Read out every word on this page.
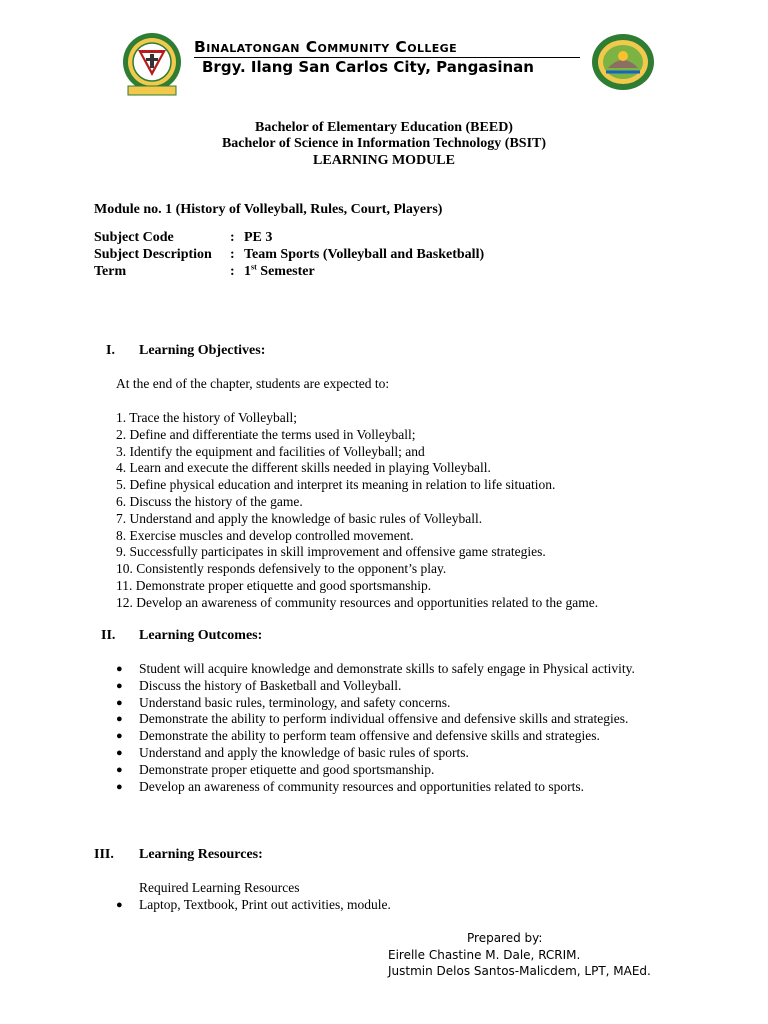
Binalatongan Community College
Brgy. Ilang San Carlos City, Pangasinan
Bachelor of Elementary Education (BEED)
Bachelor of Science in Information Technology (BSIT)
LEARNING MODULE
Module no. 1 (History of Volleyball, Rules, Court, Players)
Subject Code	: PE 3
Subject Description : Team Sports (Volleyball and Basketball)
Term	: 1st Semester
I. Learning Objectives:
At the end of the chapter, students are expected to:
1. Trace the history of Volleyball;
2. Define and differentiate the terms used in Volleyball;
3. Identify the equipment and facilities of Volleyball; and
4. Learn and execute the different skills needed in playing Volleyball.
5. Define physical education and interpret its meaning in relation to life situation.
6. Discuss the history of the game.
7. Understand and apply the knowledge of basic rules of Volleyball.
8. Exercise muscles and develop controlled movement.
9. Successfully participates in skill improvement and offensive game strategies.
10. Consistently responds defensively to the opponent’s play.
11. Demonstrate proper etiquette and good sportsmanship.
12. Develop an awareness of community resources and opportunities related to the game.
II. Learning Outcomes:
● Student will acquire knowledge and demonstrate skills to safely engage in Physical activity.
● Discuss the history of Basketball and Volleyball.
● Understand basic rules, terminology, and safety concerns.
● Demonstrate the ability to perform individual offensive and defensive skills and strategies.
● Demonstrate the ability to perform team offensive and defensive skills and strategies.
● Understand and apply the knowledge of basic rules of sports.
● Demonstrate proper etiquette and good sportsmanship.
● Develop an awareness of community resources and opportunities related to sports.
III. Learning Resources:
Required Learning Resources
● Laptop, Textbook, Print out activities, module.
Prepared by:
Eirelle Chastine M. Dale, RCRIM.
Justmin Delos Santos-Malicdem, LPT, MAEd.
